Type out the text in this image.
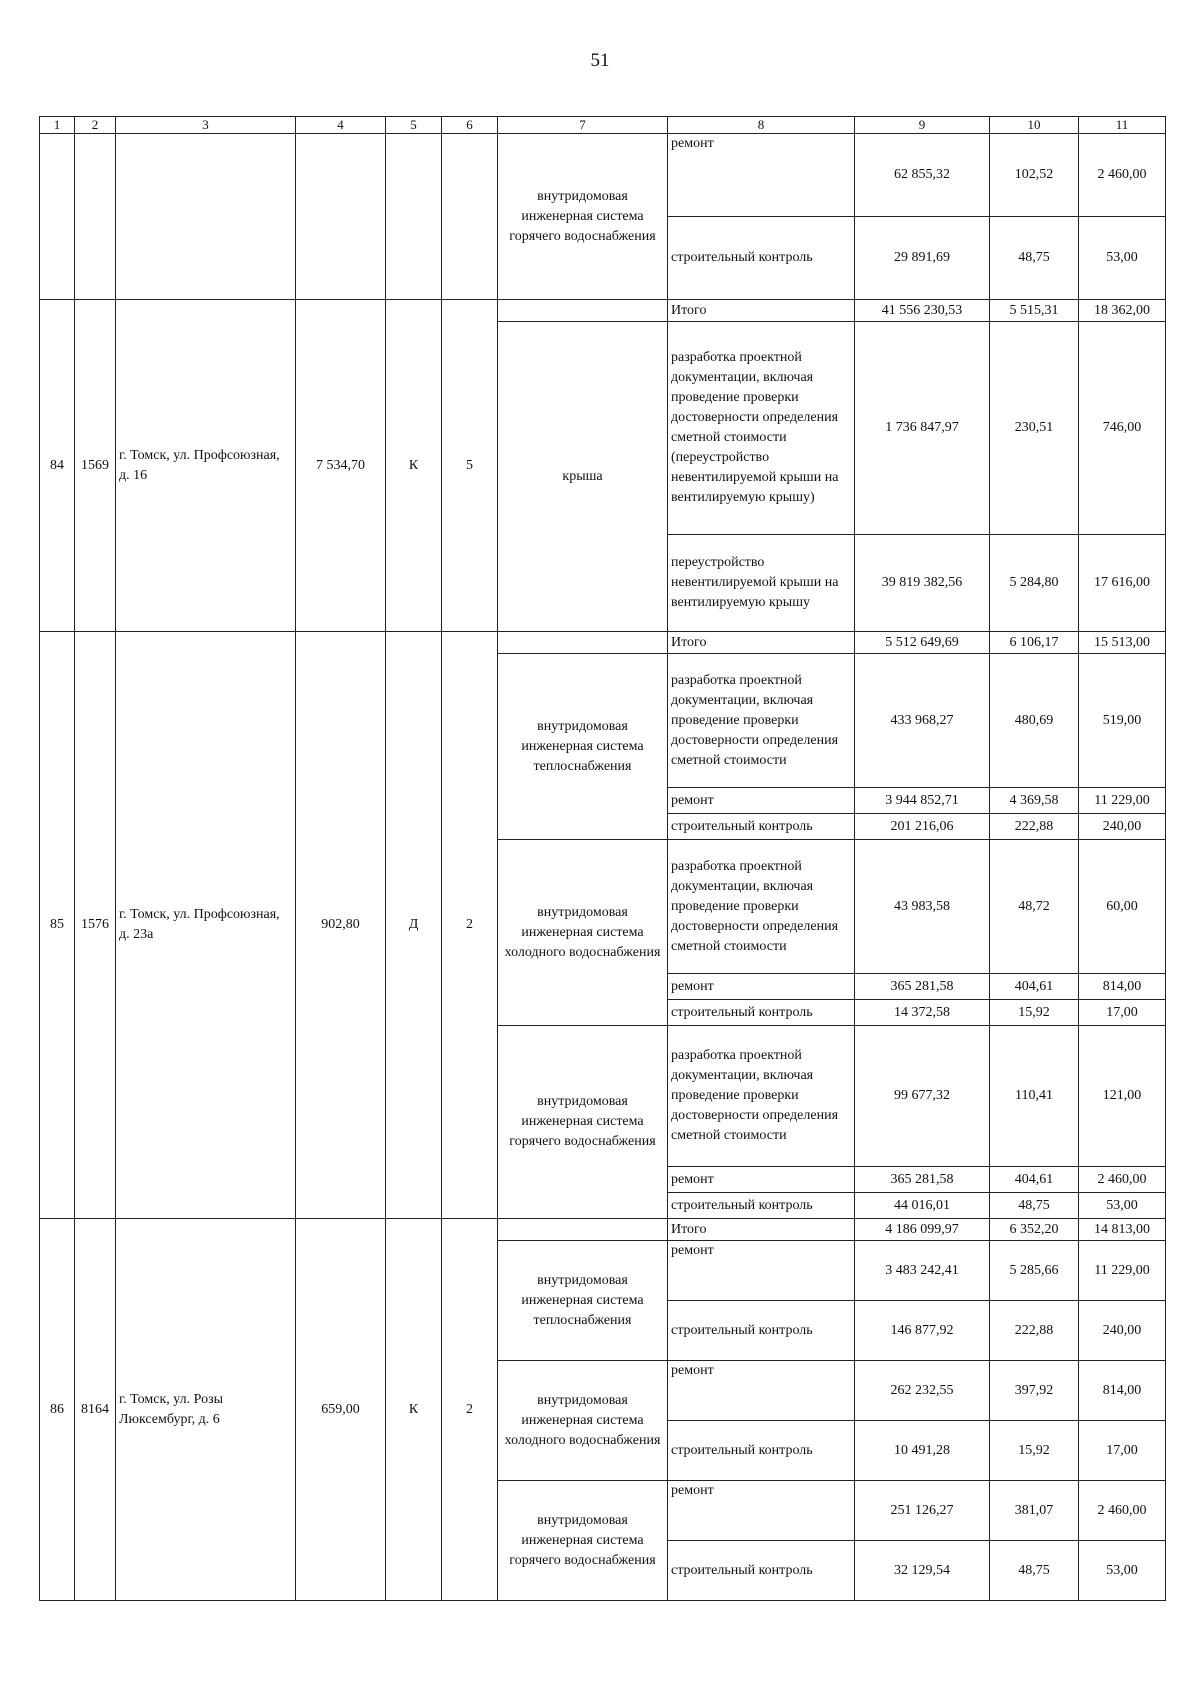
51
1	2	3	4	5	6	7	8	9	10	11
						внутридомовая инженерная система горячего водоснабжения	ремонт	62 855,32	102,52	2 460,00
							строительный контроль	29 891,69	48,75	53,00
84	1569	г. Томск, ул. Профсоюзная, д. 16	7 534,70	К	5		Итого	41 556 230,53	5 515,31	18 362,00
						крыша	разработка проектной документации, включая проведение проверки достоверности определения сметной стоимости (переустройство невентилируемой крыши на вентилируемую крышу)	1 736 847,97	230,51	746,00
							переустройство невентилируемой крыши на вентилируемую крышу	39 819 382,56	5 284,80	17 616,00
85	1576	г. Томск, ул. Профсоюзная, д. 23а	902,80	Д	2		Итого	5 512 649,69	6 106,17	15 513,00
						внутридомовая инженерная система теплоснабжения	разработка проектной документации, включая проведение проверки достоверности определения сметной стоимости	433 968,27	480,69	519,00
							ремонт	3 944 852,71	4 369,58	11 229,00
							строительный контроль	201 216,06	222,88	240,00
						внутридомовая инженерная система холодного водоснабжения	разработка проектной документации, включая проведение проверки достоверности определения сметной стоимости	43 983,58	48,72	60,00
							ремонт	365 281,58	404,61	814,00
							строительный контроль	14 372,58	15,92	17,00
						внутридомовая инженерная система горячего водоснабжения	разработка проектной документации, включая проведение проверки достоверности определения сметной стоимости	99 677,32	110,41	121,00
							ремонт	365 281,58	404,61	2 460,00
							строительный контроль	44 016,01	48,75	53,00
86	8164	г. Томск, ул. Розы Люксембург, д. 6	659,00	К	2		Итого	4 186 099,97	6 352,20	14 813,00
						внутридомовая инженерная система теплоснабжения	ремонт	3 483 242,41	5 285,66	11 229,00
							строительный контроль	146 877,92	222,88	240,00
						внутридомовая инженерная система холодного водоснабжения	ремонт	262 232,55	397,92	814,00
							строительный контроль	10 491,28	15,92	17,00
						внутридомовая инженерная система горячего водоснабжения	ремонт	251 126,27	381,07	2 460,00
							строительный контроль	32 129,54	48,75	53,00
